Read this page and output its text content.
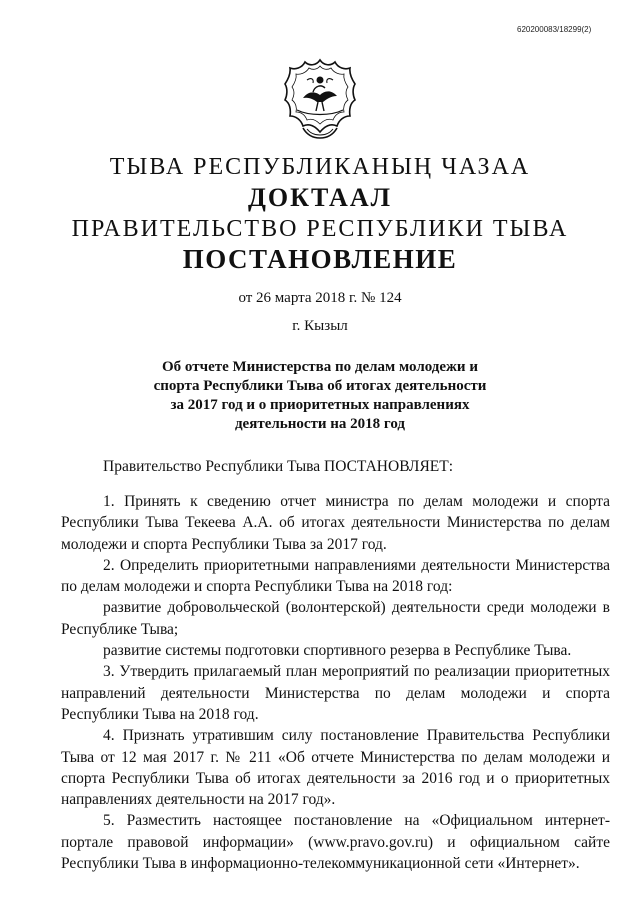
620200083/18299(2)
ТЫВА РЕСПУБЛИКАНЫҢ ЧАЗАА
ДОКТААЛ
ПРАВИТЕЛЬСТВО РЕСПУБЛИКИ ТЫВА
ПОСТАНОВЛЕНИЕ
от 26 марта 2018 г. № 124
г. Кызыл
Об отчете Министерства по делам молодежи и
спорта Республики Тыва об итогах деятельности
за 2017 год и о приоритетных направлениях
деятельности на 2018 год
Правительство Республики Тыва ПОСТАНОВЛЯЕТ:

1. Принять к сведению отчет министра по делам молодежи и спорта Республики Тыва Текеева А.А. об итогах деятельности Министерства по делам молодежи и спорта Республики Тыва за 2017 год.

2. Определить приоритетными направлениями деятельности Министерства по делам молодежи и спорта Республики Тыва на 2018 год:

развитие добровольческой (волонтерской) деятельности среди молодежи в Республике Тыва;

развитие системы подготовки спортивного резерва в Республике Тыва.

3. Утвердить прилагаемый план мероприятий по реализации приоритетных направлений деятельности Министерства по делам молодежи и спорта Республики Тыва на 2018 год.

4. Признать утратившим силу постановление Правительства Республики Тыва от 12 мая 2017 г. № 211 «Об отчете Министерства по делам молодежи и спорта Республики Тыва об итогах деятельности за 2016 год и о приоритетных направлениях деятельности на 2017 год».

5. Разместить настоящее постановление на «Официальном интернет-портале правовой информации» (www.pravo.gov.ru) и официальном сайте Республики Тыва в информационно-телекоммуникационной сети «Интернет».
